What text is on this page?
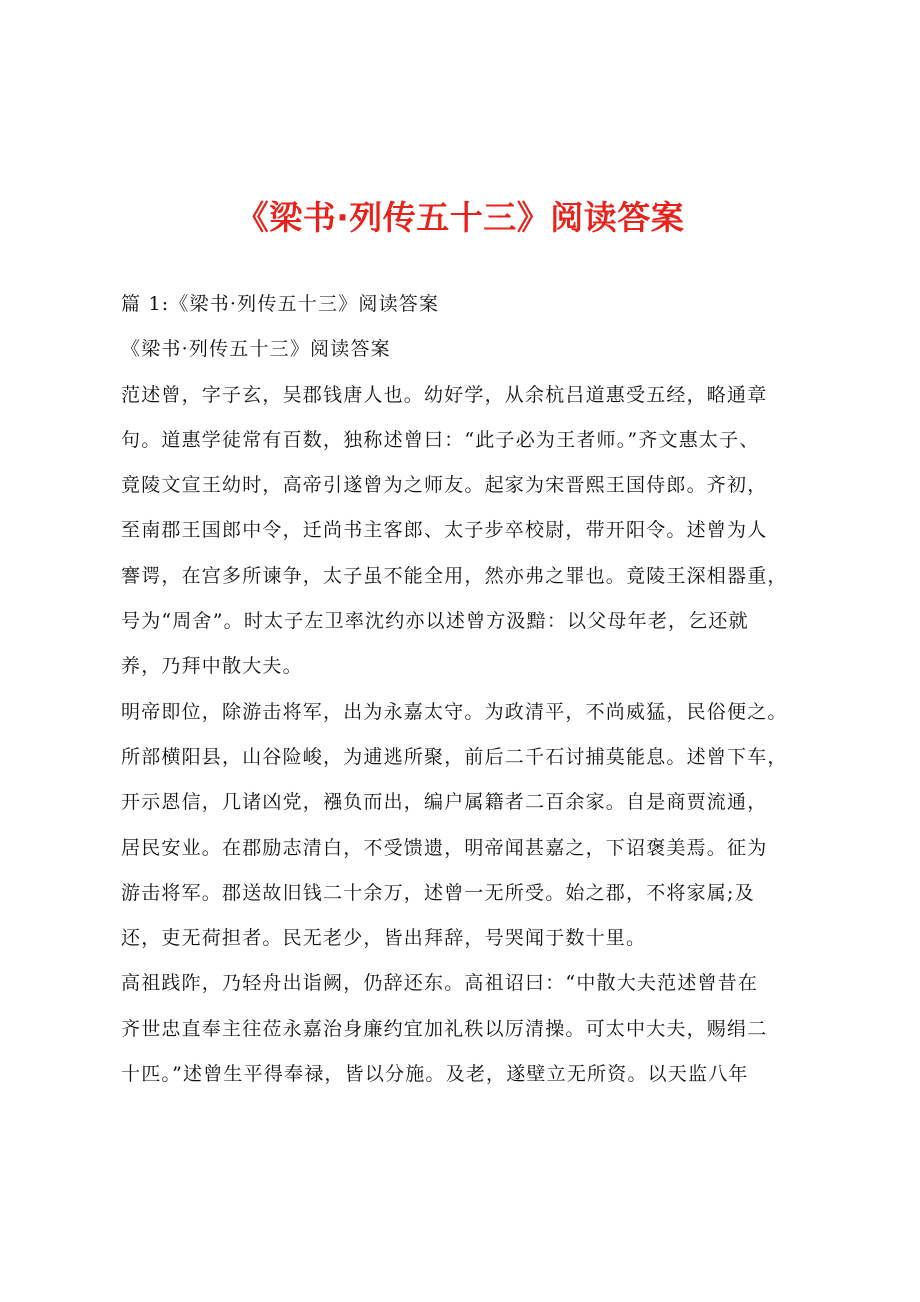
《梁书·列传五十三》阅读答案

篇 1:《梁书·列传五十三》阅读答案

《梁书·列传五十三》阅读答案

范述曾，字子玄，吴郡钱唐人也。幼好学，从余杭吕道惠受五经，略通章

句。道惠学徒常有百数，独称述曾曰：“此子必为王者师。”齐文惠太子、

竟陵文宣王幼时，高帝引遂曾为之师友。起家为宋晋熙王国侍郎。齐初，

至南郡王国郎中令，迁尚书主客郎、太子步卒校尉，带开阳令。述曾为人

謇谔，在宫多所谏争，太子虽不能全用，然亦弗之罪也。竟陵王深相器重，

号为“周舍”。时太子左卫率沈约亦以述曾方汲黯：以父母年老，乞还就

养，乃拜中散大夫。

明帝即位，除游击将军，出为永嘉太守。为政清平，不尚威猛，民俗便之。

所部横阳县，山谷险峻，为逋逃所聚，前后二千石讨捕莫能息。述曾下车，

开示恩信，几诸凶党，襁负而出，编户属籍者二百余家。自是商贾流通，

居民安业。在郡励志清白，不受馈遗，明帝闻甚嘉之，下诏褒美焉。征为

游击将军。郡送故旧钱二十余万，述曾一无所受。始之郡，不将家属;及

还，吏无荷担者。民无老少，皆出拜辞，号哭闻于数十里。

高祖践阼，乃轻舟出诣阙，仍辞还东。高祖诏曰：“中散大夫范述曾昔在

齐世忠直奉主往莅永嘉治身廉约宜加礼秩以厉清操。可太中大夫，赐绢二

十匹。”述曾生平得奉禄，皆以分施。及老，遂壁立无所资。以天监八年
